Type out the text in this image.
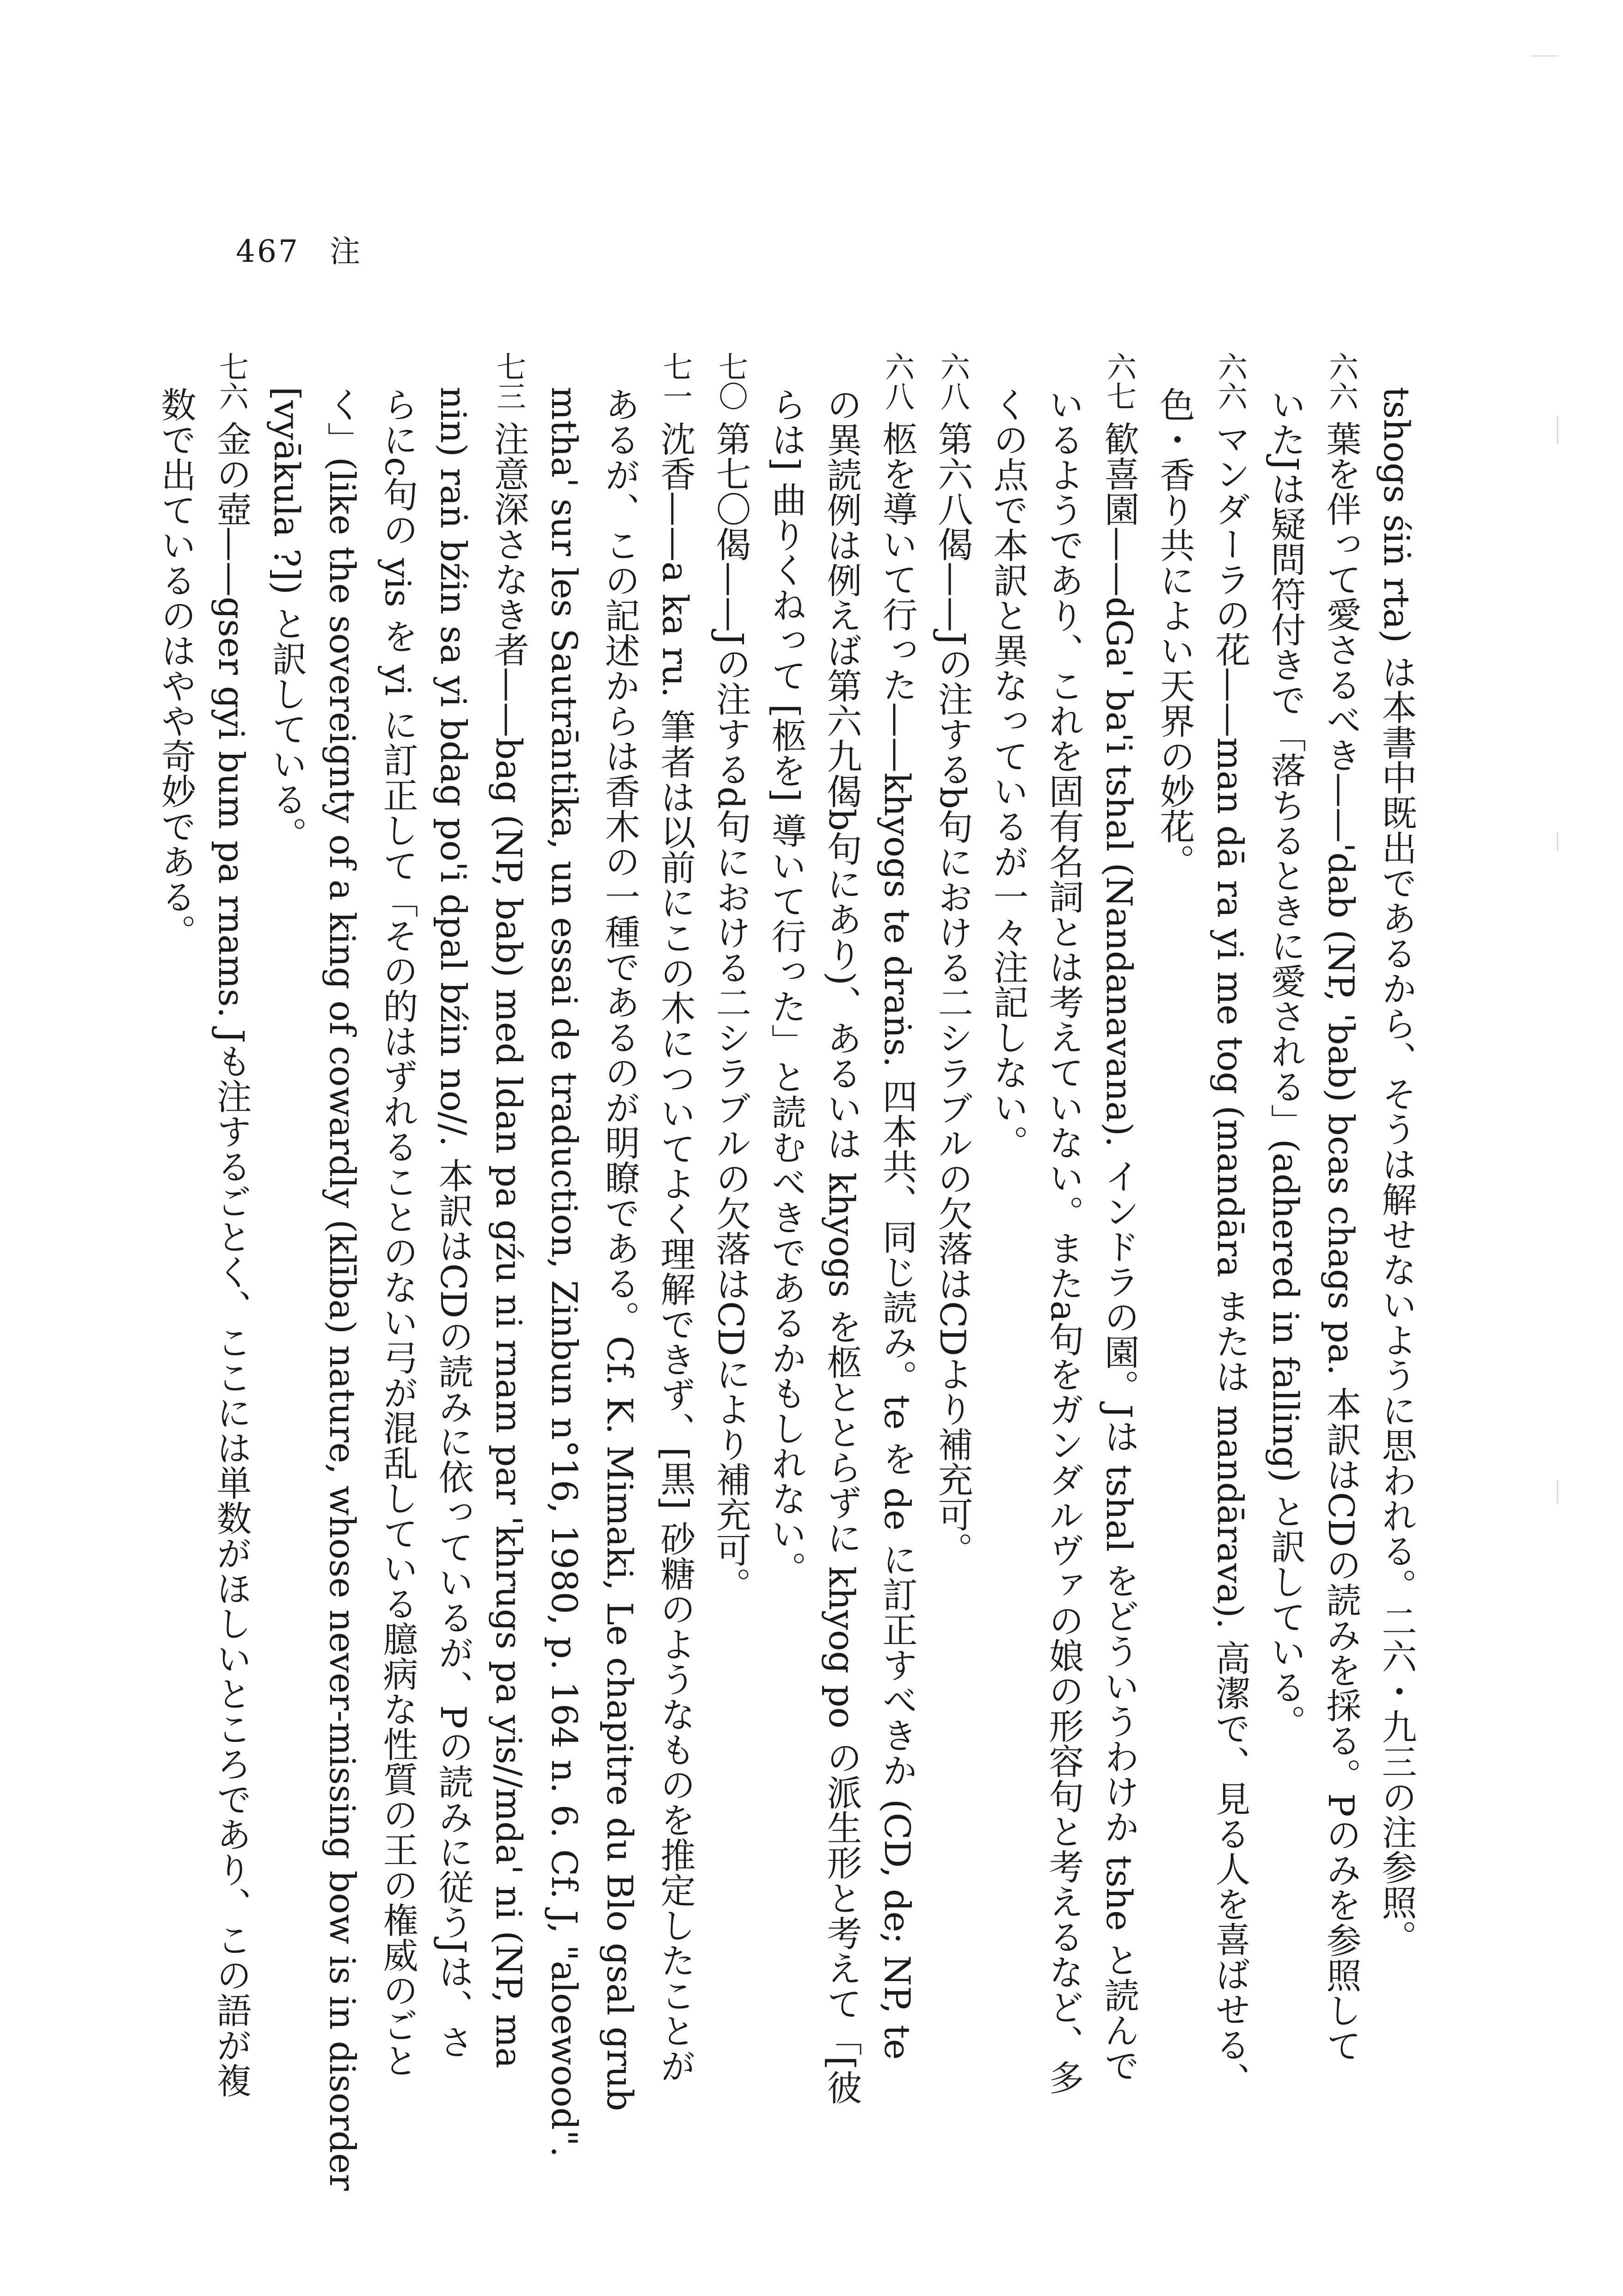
467 注
tshogs śiṅ rta) は本書中既出であるから、そうは解せないように思われる。二六・九三の注参照。
六六葉を伴って愛さるべき——'dab (NP, 'bab) bcas chags pa. 本訳はCDの読みを採る。Pのみを参照して
いたJは疑問符付きで「落ちるときに愛される」(adhered in falling) と訳している。
六六マンダーラの花——man dā ra yi me tog (mandāra または mandārava). 高潔で、見る人を喜ばせる、
色・香り共によい天界の妙花。
六七歓喜園——dGa' ba'i tshal (Nandanavana). インドラの園。Jは tshal をどういうわけか tshe と読んで
いるようであり、これを固有名詞とは考えていない。またa句をガンダルヴァの娘の形容句と考えるなど、多
くの点で本訳と異なっているが一々注記しない。
六八第六八偈——Jの注するb句における二シラブルの欠落はCDより補充可。
六八柩を導いて行った——khyogs te draṅs. 四本共、同じ読み。te を de に訂正すべきか (CD, de; NP, te
の異読例は例えば第六九偈b句にあり)、あるいは khyogs を柩ととらずに khyog po の派生形と考えて「[彼
らは] 曲りくねって [柩を] 導いて行った」と読むべきであるかもしれない。
七〇第七〇偈——Jの注するd句における二シラブルの欠落はCDにより補充可。
七一沈香——a ka ru. 筆者は以前にこの木についてよく理解できず、[黒] 砂糖のようなものを推定したことが
あるが、この記述からは香木の一種であるのが明瞭である。Cf. K. Mimaki, Le chapitre du Blo gsal grub
mtha' sur les Sautrāntika, un essai de traduction, Zinbun n°16, 1980, p. 164 n. 6. Cf. J, "aloewood".
七三注意深さなき者——bag (NP, bab) med ldan pa gźu ni rnam par 'khrugs pa yis//mda' ni (NP, ma
nin) raṅ bźin sa yi bdag po'i dpal bźin no//. 本訳はCDの読みに依っているが、Pの読みに従うJは、さ
らにc句の yis を yi に訂正して「その的はずれることのない弓が混乱している臆病な性質の王の権威のごと
く」(like the sovereignty of a king of cowardly (klība) nature, whose never-missing bow is in disorder
[vyākula ?]) と訳している。
七六金の壺——gser gyi bum pa rnams. Jも注するごとく、ここには単数がほしいところであり、この語が複
数で出ているのはやや奇妙である。
